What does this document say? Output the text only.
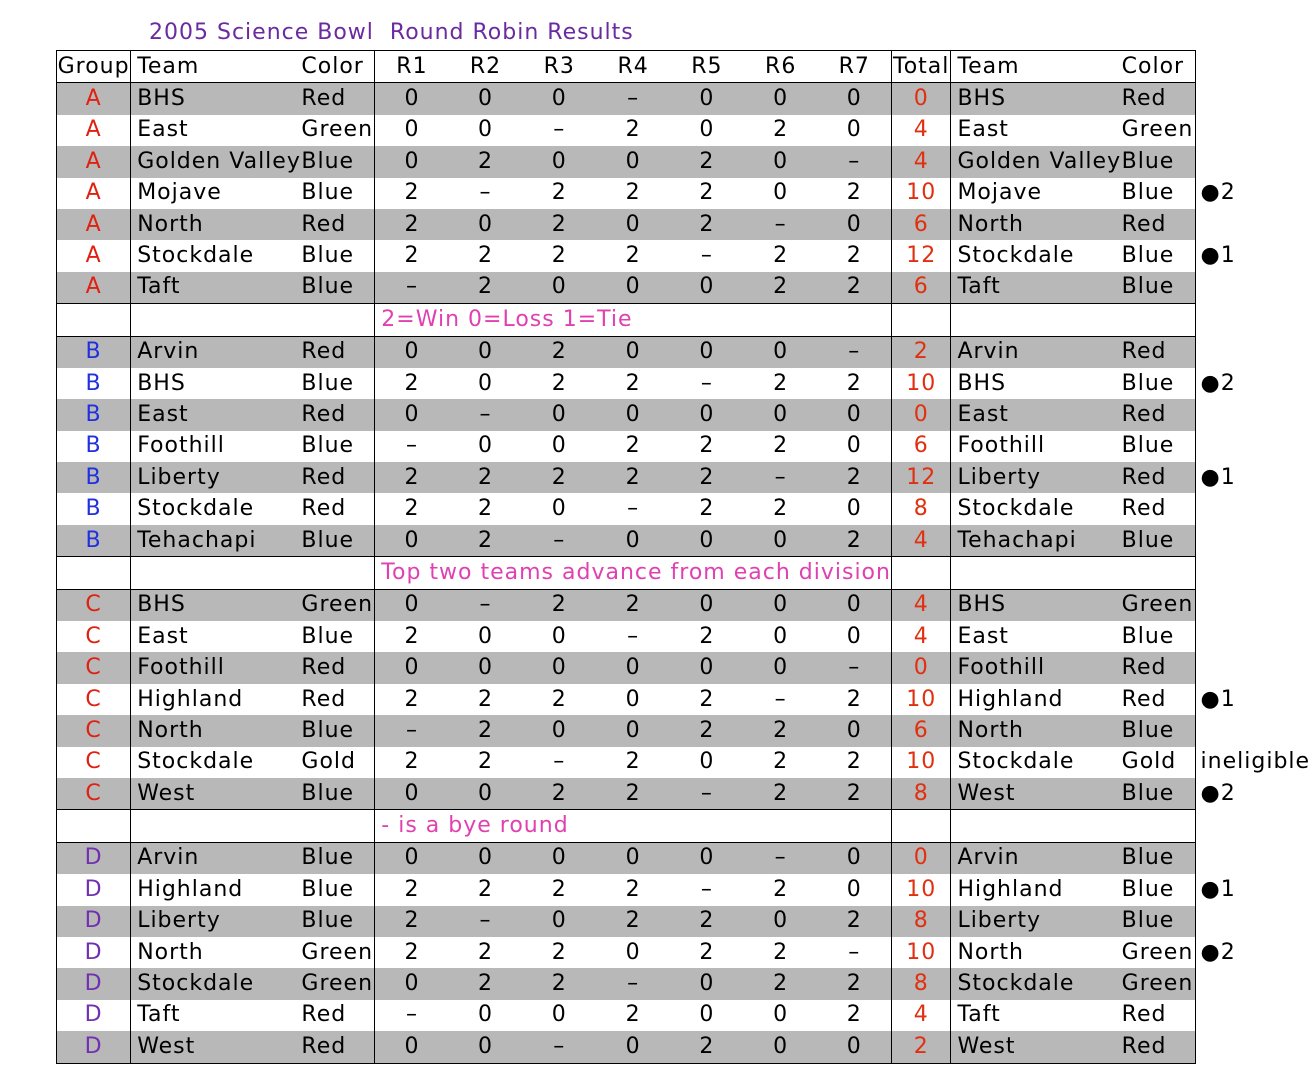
2005 Science Bowl  Round Robin Results
Group	Team	Color	R1	R2	R3	R4	R5	R6	R7	Total	Team	Color	
A	BHS	Red	0	0	0	–	0	0	0	0	BHS	Red	
A	East	Green	0	0	–	2	0	2	0	4	East	Green	
A	Golden Valley	Blue	0	2	0	0	2	0	–	4	Golden Valley	Blue	
A	Mojave	Blue	2	–	2	2	2	0	2	10	Mojave	Blue	●2
A	North	Red	2	0	2	0	2	–	0	6	North	Red	
A	Stockdale	Blue	2	2	2	2	–	2	2	12	Stockdale	Blue	●1
A	Taft	Blue	–	2	0	0	0	2	2	6	Taft	Blue	
			2=Win 0=Loss 1=Tie										
B	Arvin	Red	0	0	2	0	0	0	–	2	Arvin	Red	
B	BHS	Blue	2	0	2	2	–	2	2	10	BHS	Blue	●2
B	East	Red	0	–	0	0	0	0	0	0	East	Red	
B	Foothill	Blue	–	0	0	2	2	2	0	6	Foothill	Blue	
B	Liberty	Red	2	2	2	2	2	–	2	12	Liberty	Red	●1
B	Stockdale	Red	2	2	0	–	2	2	0	8	Stockdale	Red	
B	Tehachapi	Blue	0	2	–	0	0	0	2	4	Tehachapi	Blue	
			Top two teams advance from each division										
C	BHS	Green	0	–	2	2	0	0	0	4	BHS	Green	
C	East	Blue	2	0	0	–	2	0	0	4	East	Blue	
C	Foothill	Red	0	0	0	0	0	0	–	0	Foothill	Red	
C	Highland	Red	2	2	2	0	2	–	2	10	Highland	Red	●1
C	North	Blue	–	2	0	0	2	2	0	6	North	Blue	
C	Stockdale	Gold	2	2	–	2	0	2	2	10	Stockdale	Gold	ineligible
C	West	Blue	0	0	2	2	–	2	2	8	West	Blue	●2
			- is a bye round										
D	Arvin	Blue	0	0	0	0	0	–	0	0	Arvin	Blue	
D	Highland	Blue	2	2	2	2	–	2	0	10	Highland	Blue	●1
D	Liberty	Blue	2	–	0	2	2	0	2	8	Liberty	Blue	
D	North	Green	2	2	2	0	2	2	–	10	North	Green	●2
D	Stockdale	Green	0	2	2	–	0	2	2	8	Stockdale	Green	
D	Taft	Red	–	0	0	2	0	0	2	4	Taft	Red	
D	West	Red	0	0	–	0	2	0	0	2	West	Red	
